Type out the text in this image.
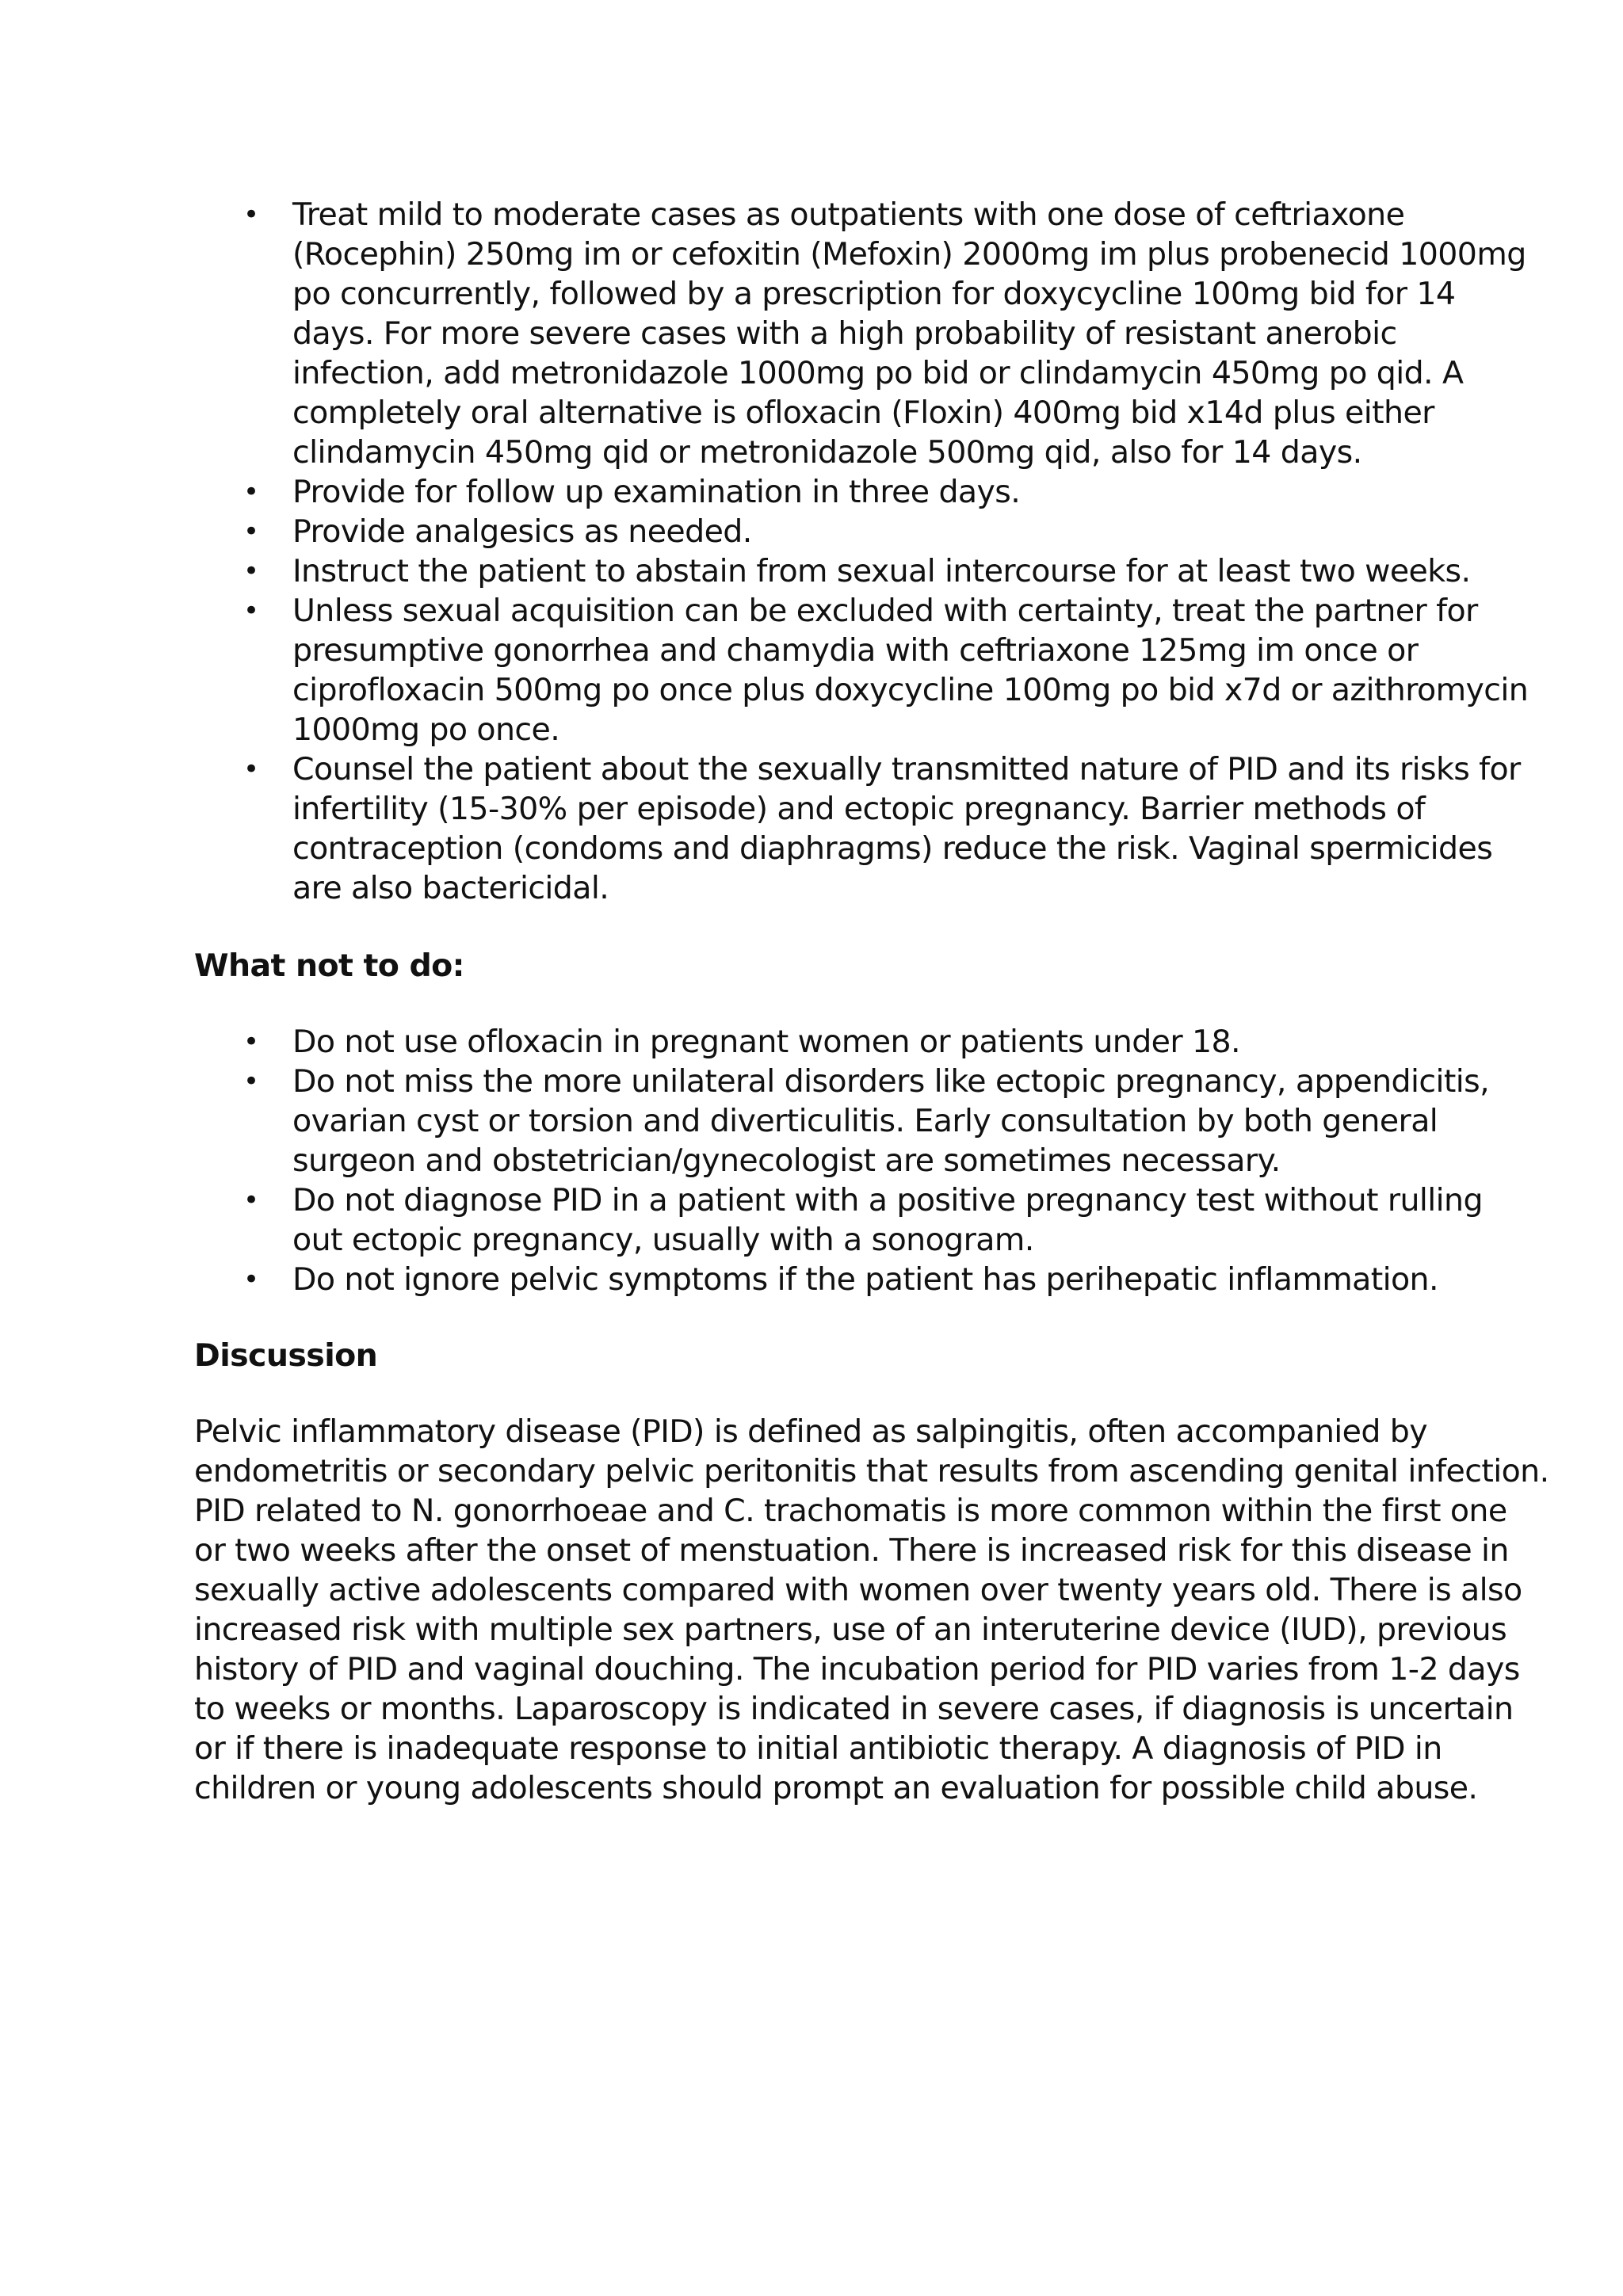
• Treat mild to moderate cases as outpatients with one dose of ceftriaxone
(Rocephin) 250mg im or cefoxitin (Mefoxin) 2000mg im plus probenecid 1000mg
po concurrently, followed by a prescription for doxycycline 100mg bid for 14
days. For more severe cases with a high probability of resistant anerobic
infection, add metronidazole 1000mg po bid or clindamycin 450mg po qid. A
completely oral alternative is ofloxacin (Floxin) 400mg bid x14d plus either
clindamycin 450mg qid or metronidazole 500mg qid, also for 14 days.
• Provide for follow up examination in three days.
• Provide analgesics as needed.
• Instruct the patient to abstain from sexual intercourse for at least two weeks.
• Unless sexual acquisition can be excluded with certainty, treat the partner for
presumptive gonorrhea and chamydia with ceftriaxone 125mg im once or
ciprofloxacin 500mg po once plus doxycycline 100mg po bid x7d or azithromycin
1000mg po once.
• Counsel the patient about the sexually transmitted nature of PID and its risks for
infertility (15-30% per episode) and ectopic pregnancy. Barrier methods of
contraception (condoms and diaphragms) reduce the risk. Vaginal spermicides
are also bactericidal.
What not to do:
• Do not use ofloxacin in pregnant women or patients under 18.
• Do not miss the more unilateral disorders like ectopic pregnancy, appendicitis,
ovarian cyst or torsion and diverticulitis. Early consultation by both general
surgeon and obstetrician/gynecologist are sometimes necessary.
• Do not diagnose PID in a patient with a positive pregnancy test without rulling
out ectopic pregnancy, usually with a sonogram.
• Do not ignore pelvic symptoms if the patient has perihepatic inflammation.
Discussion

Pelvic inflammatory disease (PID) is defined as salpingitis, often accompanied by
endometritis or secondary pelvic peritonitis that results from ascending genital infection.
PID related to N. gonorrhoeae and C. trachomatis is more common within the first one
or two weeks after the onset of menstuation. There is increased risk for this disease in
sexually active adolescents compared with women over twenty years old. There is also
increased risk with multiple sex partners, use of an interuterine device (IUD), previous
history of PID and vaginal douching. The incubation period for PID varies from 1-2 days
to weeks or months. Laparoscopy is indicated in severe cases, if diagnosis is uncertain
or if there is inadequate response to initial antibiotic therapy. A diagnosis of PID in
children or young adolescents should prompt an evaluation for possible child abuse.
